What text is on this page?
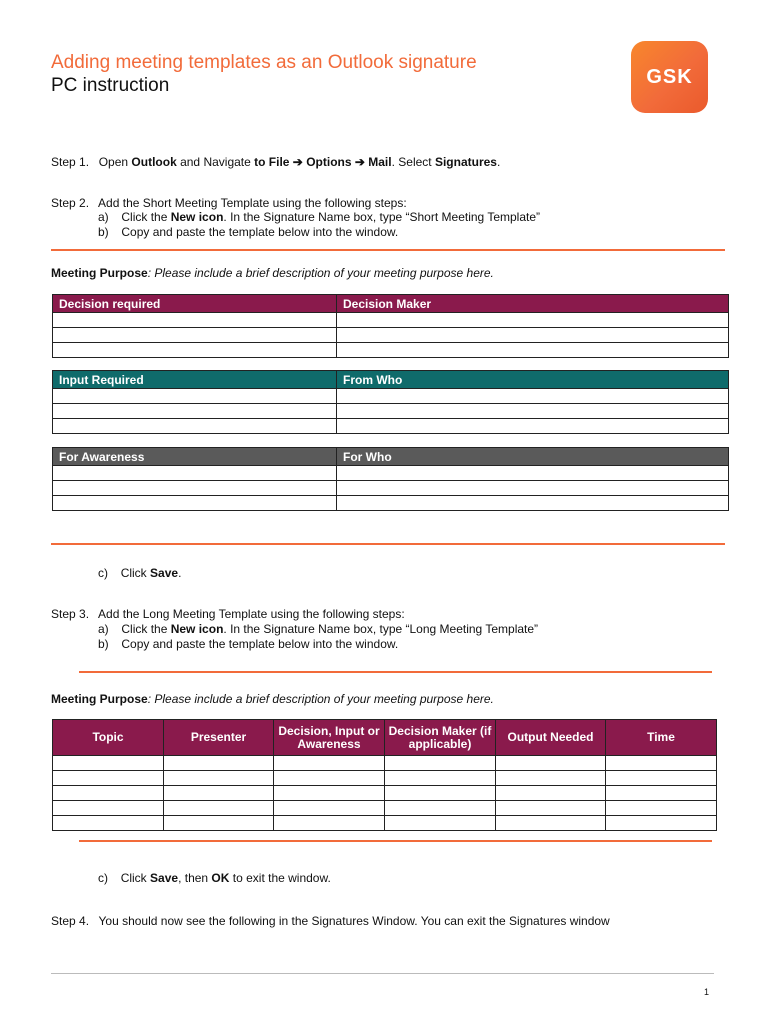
Adding meeting templates as an Outlook signature
PC instruction	GSK
Step 1. Open Outlook and Navigate to File ➔ Options ➔ Mail. Select Signatures.
Step 2. Add the Short Meeting Template using the following steps:
a) Click the New icon. In the Signature Name box, type “Short Meeting Template”
b) Copy and paste the template below into the window.
Meeting Purpose: Please include a brief description of your meeting purpose here.
Decision required	Decision Maker

Input Required	From Who

For Awareness	For Who

c) Click Save.
Step 3. Add the Long Meeting Template using the following steps:
a) Click the New icon. In the Signature Name box, type “Long Meeting Template”
b) Copy and paste the template below into the window.
Meeting Purpose: Please include a brief description of your meeting purpose here.
Topic	Presenter	Decision, Input or Awareness	Decision Maker (if applicable)	Output Needed	Time

c) Click Save, then OK to exit the window.
Step 4. You should now see the following in the Signatures Window. You can exit the Signatures window
1
